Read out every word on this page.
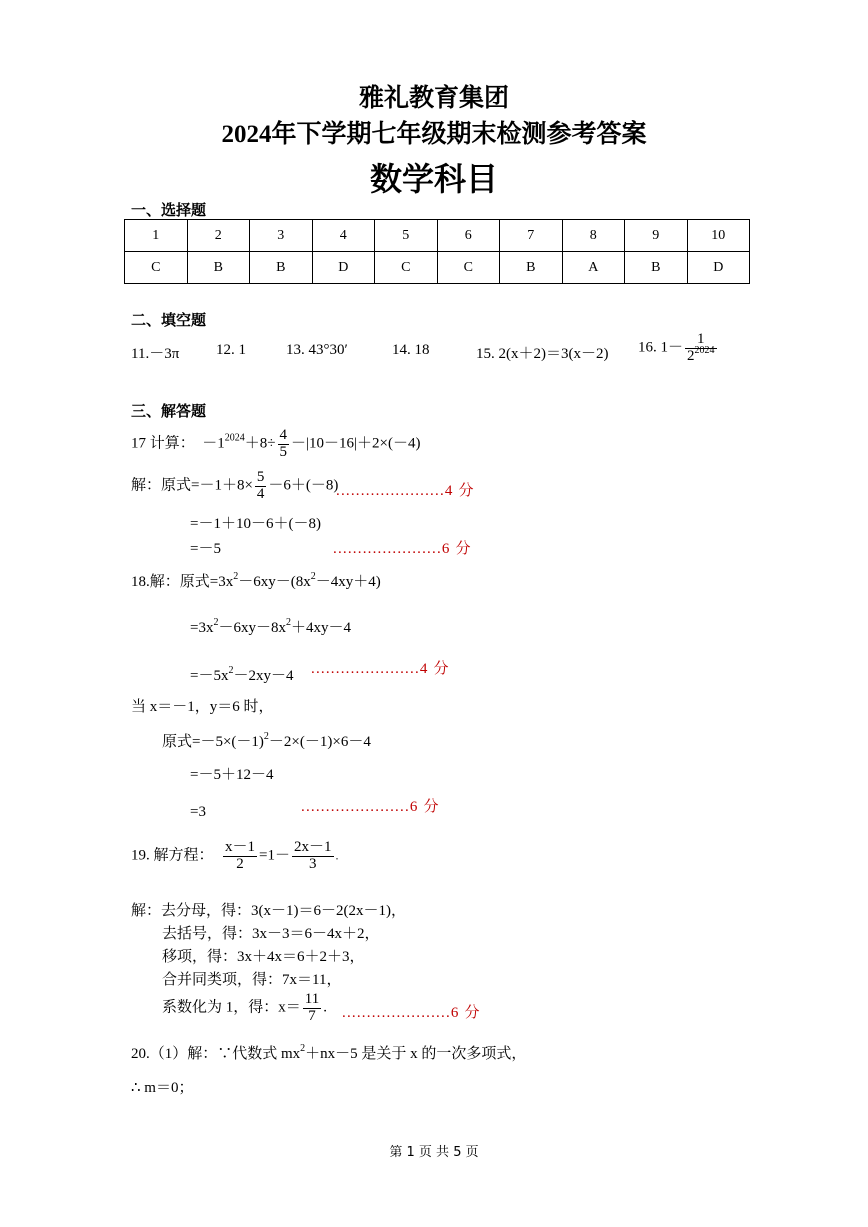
雅礼教育集团
2024年下学期七年级期末检测参考答案
数学科目
一、选择题
1	2	3	4	5	6	7	8	9	10
C	B	B	D	C	C	B	A	B	D
二、填空题
11.－3π 12. 1	13. 43°30′	14. 18	15. 2(x＋2)＝3(x－2) 16. $1- \frac{1}{2^{2024}}$
三、解答题
17 计算： $-1^{2024}+8\div \frac{4}{5} -|10-16|+2\times(-4)$
解：原式$=-1+8\times \frac{5}{4} -6+(-8)$
......................4 分
=－1＋10－6＋(－8)
=－5	......................6 分
18.解：原式$=3x^2-6xy-(8x^2-4xy+4)$
$=3x^2-6xy-8x^2+4xy-4$
$=-5x^2-2xy-4$ ......................4 分
当 x＝－1，y＝6 时，
原式$=-5\times(-1)^2-2\times(-1)\times 6-4$
=－5＋12－4
=3	......................6 分
19. 解方程： $\frac{x-1}{2} =1- \frac{2x-1}{3}$ .
解：去分母，得：3(x－1)＝6－2(2x－1)，
去括号，得：3x－3＝6－4x＋2，
移项，得：3x＋4x＝6＋2＋3，
合并同类项，得：7x＝11，
系数化为 1，得：$x= \frac{11}{7}$ . ......................6 分
20.（1）解：∵代数式 $mx^2+nx-5$ 是关于 x 的一次多项式，
∴ m＝0；
第 1 页 共 5 页
